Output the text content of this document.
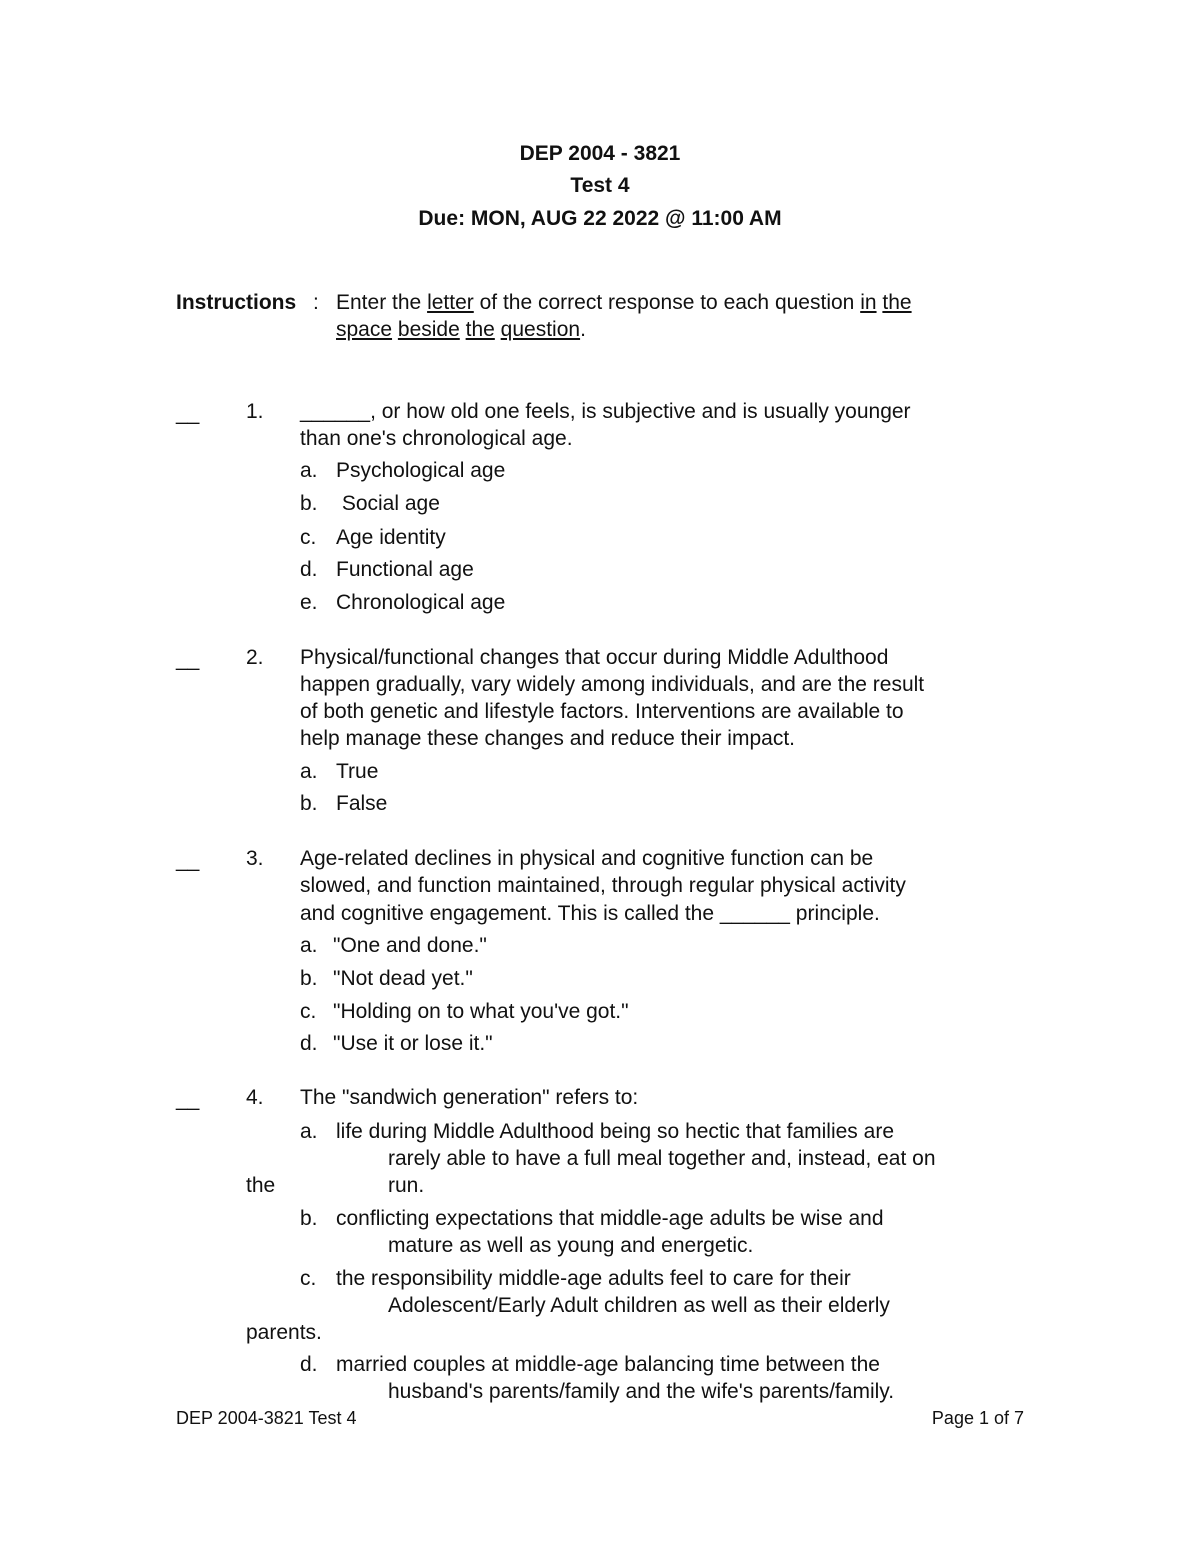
DEP 2004 - 3821
Test 4
Due: MON, AUG 22 2022 @ 11:00 AM
Instructions : Enter the letter of the correct response to each question in the
space beside the question.
__ 1. ______, or how old one feels, is subjective and is usually younger
than one's chronological age.
a. Psychological age
b. Social age
c. Age identity
d. Functional age
e. Chronological age
__ 2. Physical/functional changes that occur during Middle Adulthood
happen gradually, vary widely among individuals, and are the result
of both genetic and lifestyle factors. Interventions are available to
help manage these changes and reduce their impact.
a. True
b. False
__ 3. Age-related declines in physical and cognitive function can be
slowed, and function maintained, through regular physical activity
and cognitive engagement. This is called the ______ principle.
a. "One and done."
b. "Not dead yet."
c. "Holding on to what you've got."
d. "Use it or lose it."
__ 4. The "sandwich generation" refers to:
a. life during Middle Adulthood being so hectic that families are
rarely able to have a full meal together and, instead, eat on
the	run.
b. conflicting expectations that middle-age adults be wise and
mature as well as young and energetic.
c. the responsibility middle-age adults feel to care for their
Adolescent/Early Adult children as well as their elderly
parents.
d. married couples at middle-age balancing time between the
husband's parents/family and the wife's parents/family.
DEP 2004-3821 Test 4	Page 1 of 7
